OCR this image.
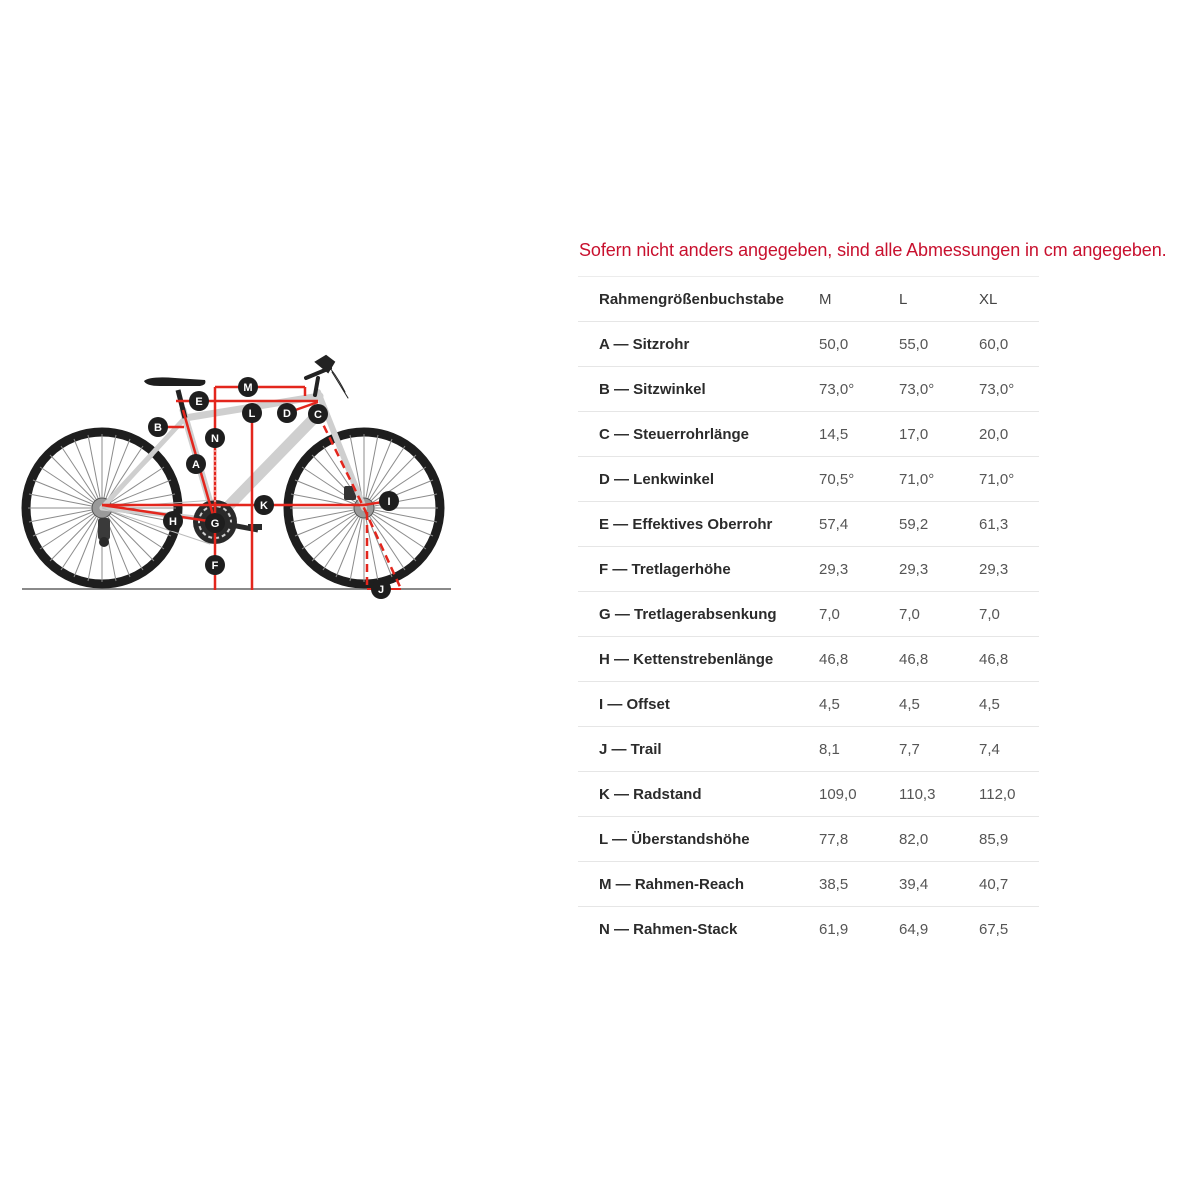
M
E
L	D C
B
N
A
K	I
H	G
F
J
Sofern nicht anders angegeben, sind alle Abmessungen in cm angegeben.
Rahmengrößenbuchstabe	M	L	XL
A — Sitzrohr	50,0	55,0	60,0
B — Sitzwinkel	73,0°	73,0°	73,0°
C — Steuerrohrlänge	14,5	17,0	20,0
D — Lenkwinkel	70,5°	71,0°	71,0°
E — Effektives Oberrohr	57,4	59,2	61,3
F — Tretlagerhöhe	29,3	29,3	29,3
G — Tretlagerabsenkung	7,0	7,0	7,0
H — Kettenstrebenlänge	46,8	46,8	46,8
I — Offset	4,5	4,5	4,5
J — Trail	8,1	7,7	7,4
K — Radstand	109,0	110,3	112,0
L — Überstandshöhe	77,8	82,0	85,9
M — Rahmen-Reach	38,5	39,4	40,7
N — Rahmen-Stack	61,9	64,9	67,5
